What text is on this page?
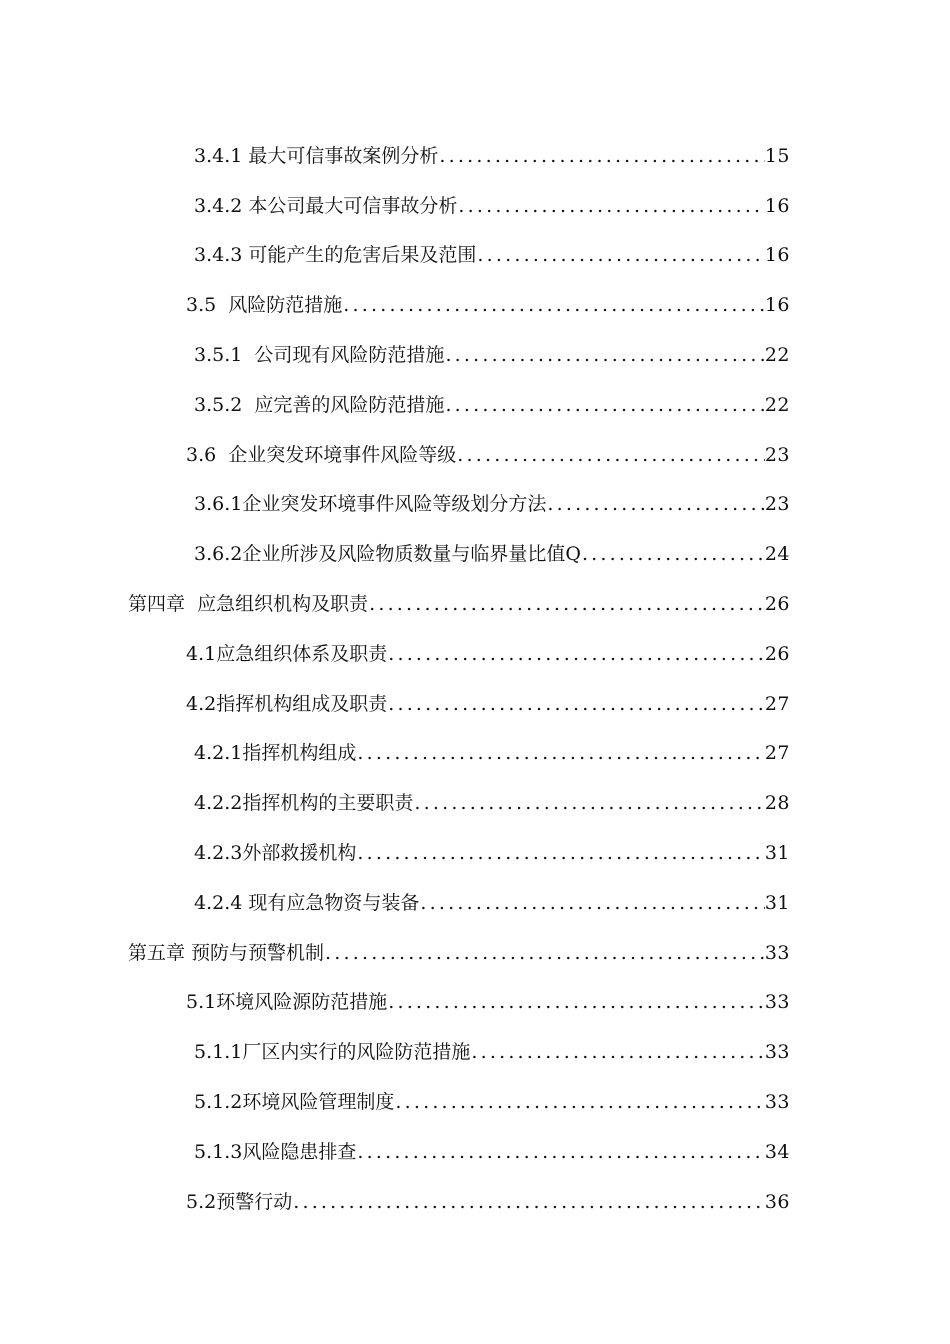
3.4.1 最大可信事故案例分析 .....	15
3.4.2 本公司最大可信事故分析 .....	16
3.4.3 可能产生的危害后果及范围 .....	16
3.5  风险防范措施 .....	16
3.5.1  公司现有风险防范措施 .....	22
3.5.2  应完善的风险防范措施 .....	22
3.6  企业突发环境事件风险等级 .....	23
3.6.1企业突发环境事件风险等级划分方法 .....	23
3.6.2企业所涉及风险物质数量与临界量比值Q .....	24
第四章  应急组织机构及职责 .....	26
4.1应急组织体系及职责 .....	26
4.2指挥机构组成及职责 .....	27
4.2.1指挥机构组成 .....	27
4.2.2指挥机构的主要职责 .....	28
4.2.3外部救援机构 .....	31
4.2.4 现有应急物资与装备 .....	31
第五章 预防与预警机制 .....	33
5.1环境风险源防范措施 .....	33
5.1.1厂区内实行的风险防范措施 .....	33
5.1.2环境风险管理制度 .....	33
5.1.3风险隐患排查 .....	34
5.2预警行动 .....	36
